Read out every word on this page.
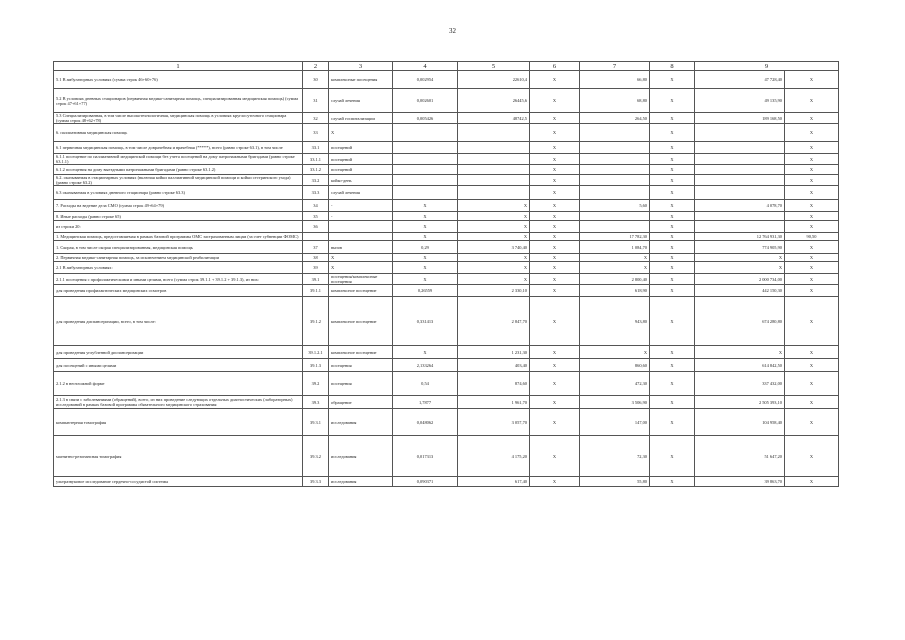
32
1	2	3	4	5	6	7	8	9	
5.1 В амбулаторных условиях (сумма строк 46+60+76)	30	комплексные посещения	0,002954	22610,4	X	66,80	X	47 728,40	X
5.2 В условиях дневных стационаров (первичная медико-санитарная помощь, специализированная медицинская помощь) (сумма строк 47+61+77)	31	случай лечения	0,002601	26445,6	X	68,80	X	49 135,90	X
5.3 Специализированная, в том числе высокотехнологичная, медицинская помощь в условиях круглосуточного стационара (сумма строк 48+62+78)	32	случай госпитализации	0,005426	48742,5	X	264,50	X	189 168,50	X
6. паллиативная медицинская помощь	33	X			X		X		X
6.1 первичная медицинская помощь, в том числе доврачебная и врачебная (*****), всего (равно строке 63.1), в том числе	33.1	посещений			X		X		X
6.1.1 посещение по паллиативной медицинской помощи без учета посещений на дому патронажными бригадами (равно строке 63.1.1)	33.1.1	посещений			X		X		X
6.1.2 посещения на дому выездными патронажными бригадами (равно строке 63.1.2)	33.1.2	посещений			X		X		X
6.2. оказываемая в стационарных условиях (включая койки паллиативной медицинской помощи и койки сестринского ухода) (равно строке 63.2)	33.2	койко-день			X		X		X
6.3 оказываемая в условиях дневного стационара (равно строке 63.3)	33.3	случай лечения			X		X		X
7. Расходы на ведение дела СМО (сумма строк 49+64+79)	34	-	X	X	X	5,60	X	4 078,70	X
8. Иные расходы (равно строке 65)	35	-	X	X	X		X		X
из строки 20:	36		X	X	X		X		X
1. Медицинская помощь, предоставляемая в рамках базовой программы ОМС застрахованным лицам (за счет субвенции ФОМС)			X	X	X	17 782,30	X	12 764 931,30	90,50
1. Скорая, в том числе скорая специализированная, медицинская помощь	37	вызов	0,29	3 740,40	X	1 084,70	X	774 905,90	X
2. Первичная медико-санитарная помощь, за исключением медицинской реабилитации	38	X	X	X	X	X	X	X	X
2.1 В амбулаторных условиях:	39	X	X	X	X	X	X	X	X
2.1.1 посещения с профилактическими и иными целями, всего (сумма строк 39.1.1 + 39.1.2 + 39.1.3), из них:	39.1	посещения/комплексные посещения	X	X	X	2 800,40	X	2 000 734,00	X
для проведения профилактических медицинских осмотров	39.1.1	комплексное посещение	0,26559	2 330,10	X	618,90	X	442 150,30	X
для проведения диспансеризации, всего, в том числе:	39.1.2	комплексное посещение	0,331413	2 847,70	X	943,80	X	674 280,80	X
для проведения углубленной диспансеризации	39.1.2.1	комплексное посещение	X	1 231,30	X	X	X	X	X
для посещений с иными целями	39.1.3	посещения	2,133264	403,40	X	860,60	X	614 842,50	X
2.1.2 в неотложной форме	39.2	посещения	0,54	874,60	X	472,30	X	337 432,00	X
2.1.3 в связи с заболеваниями (обращений), всего, из них проведение следующих отдельных диагностических (лабораторных) исследований в рамках базовой программы обязательного медицинского страхования:	39.3	обращение	1,7877	1 961,70	X	3 506,90	X	2 505 393,10	X
компьютерная томография	39.3.1	исследования	0,048062	3 057,70	X	147,00	X	104 958,40	X
магнитно-резонансная томография	39.3.2	исследования	0,017313	4 175,20	X	72,30	X	51 647,20	X
ультразвуковое исследование сердечно-сосудистой системы	39.3.3	исследования	0,090371	617,40	X	55,80	X	39 863,70	X
